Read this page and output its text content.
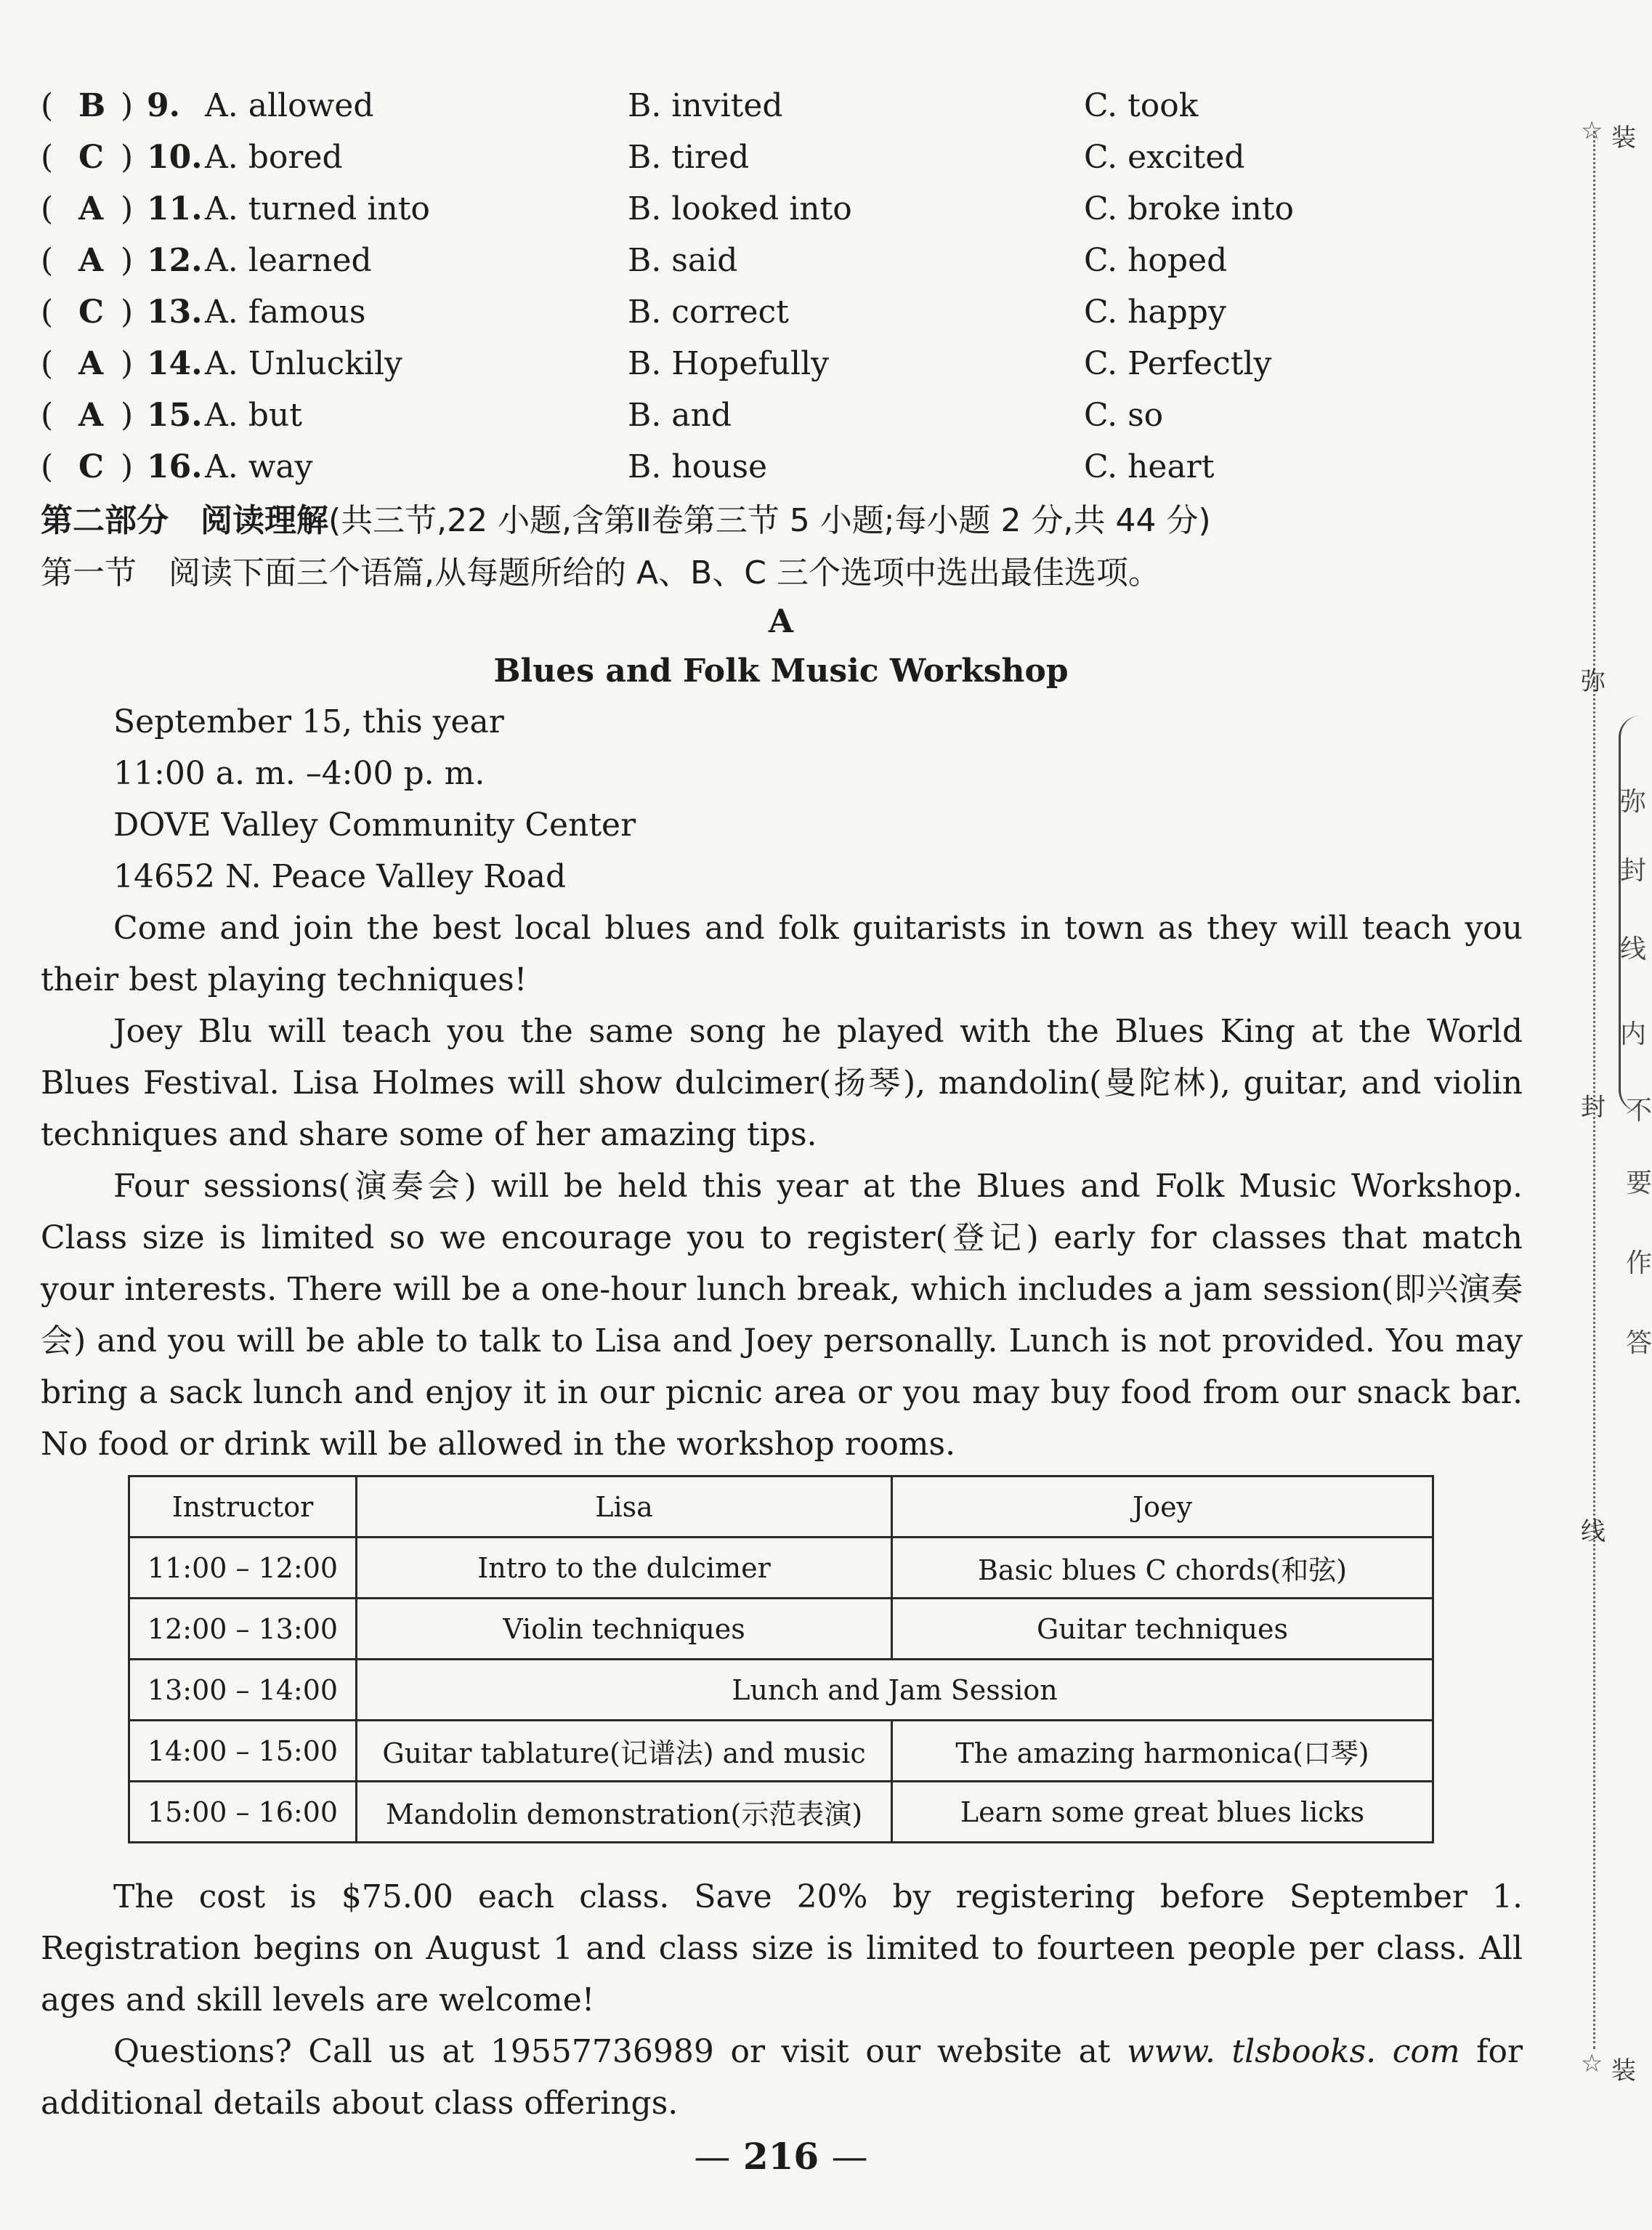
( B ) 9. A. allowed	B. invited	C. took
( C ) 10. A. bored	B. tired	C. excited
( A ) 11. A. turned into	B. looked into	C. broke into
( A ) 12. A. learned	B. said	C. hoped
( C ) 13. A. famous	B. correct	C. happy
( A ) 14. A. Unluckily	B. Hopefully	C. Perfectly
( A ) 15. A. but	B. and	C. so
( C ) 16. A. way	B. house	C. heart
第二部分　阅读理解(共三节,22 小题,含第Ⅱ卷第三节 5 小题;每小题 2 分,共 44 分)
第一节　阅读下面三个语篇,从每题所给的 A、B、C 三个选项中选出最佳选项。
A
Blues and Folk Music Workshop
September 15, this year
11:00 a. m. –4:00 p. m.
DOVE Valley Community Center
14652 N. Peace Valley Road

Come and join the best local blues and folk guitarists in town as they will teach you their best playing techniques!

Joey Blu will teach you the same song he played with the Blues King at the World Blues Festival. Lisa Holmes will show dulcimer(扬琴), mandolin(曼陀林), guitar, and violin techniques and share some of her amazing tips.

Four sessions(演奏会) will be held this year at the Blues and Folk Music Workshop. Class size is limited so we encourage you to register(登记) early for classes that match your interests. There will be a one-hour lunch break, which includes a jam session(即兴演奏会) and you will be able to talk to Lisa and Joey personally. Lunch is not provided. You may bring a sack lunch and enjoy it in our picnic area or you may buy food from our snack bar. No food or drink will be allowed in the workshop rooms.

Instructor	Lisa	Joey
11:00 – 12:00	Intro to the dulcimer	Basic blues C chords(和弦)
12:00 – 13:00	Violin techniques	Guitar techniques
13:00 – 14:00	Lunch and Jam Session	
14:00 – 15:00	Guitar tablature(记谱法) and music	The amazing harmonica(口琴)
15:00 – 16:00	Mandolin demonstration(示范表演)	Learn some great blues licks

The cost is $75.00 each class. Save 20% by registering before September 1. Registration begins on August 1 and class size is limited to fourteen people per class. All ages and skill levels are welcome!

Questions? Call us at 19557736989 or visit our website at www. tlsbooks. com for additional details about class offerings.

— 216 —
☆ 装
弥
封
线
☆ 装
弥
封
线
内
不
要
作
答
